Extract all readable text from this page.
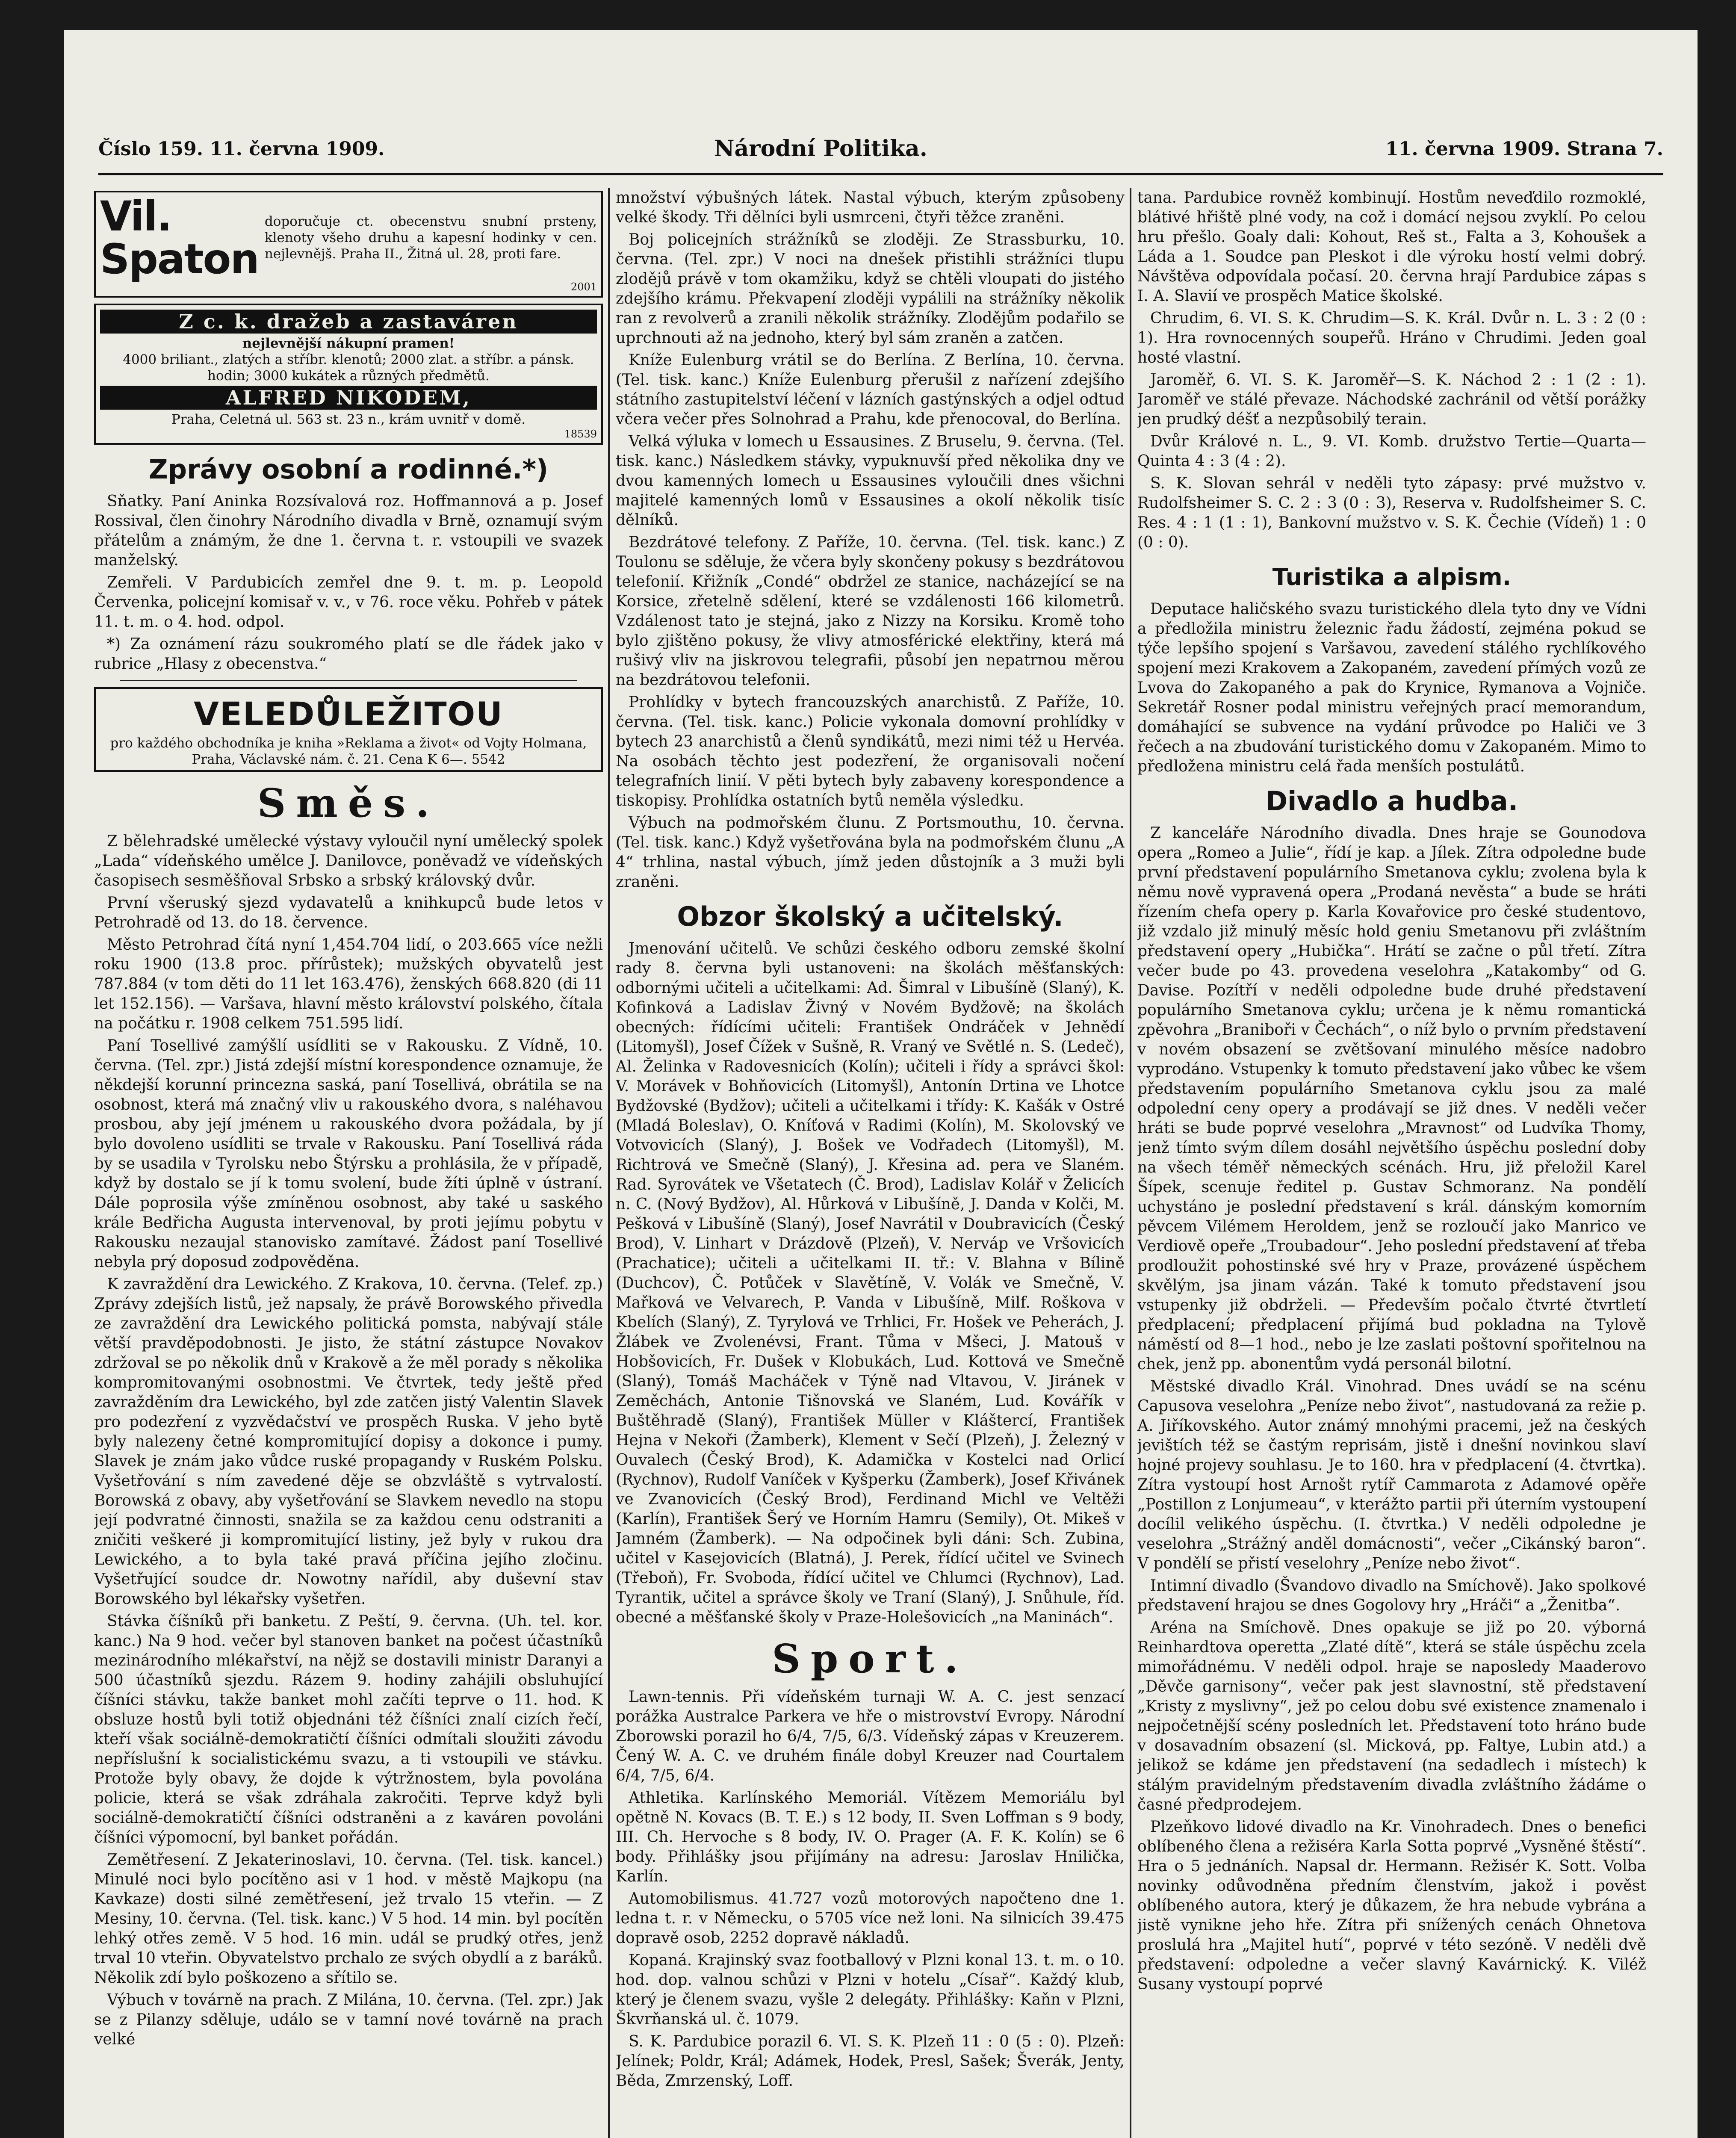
Číslo 159. 11. června 1909.	Národní Politika.	11. června 1909. Strana 7.
Vil. Spaton
doporučuje ct. obecenstvu snubní prsteny, klenoty všeho druhu a kapesní hodinky v cen. nejlevnějš. Praha II., Žitná ul. 28, proti fare.
2001
Z c. k. dražeb a zastaváren
nejlevnější nákupní pramen!
4000 briliant., zlatých a stříbr. klenotů; 2000 zlat. a stříbr. a pánsk. hodin; 3000 kukátek a různých předmětů.
ALFRED NIKODEM,
Praha, Celetná ul. 563 st. 23 n., krám uvnitř v domě.
18539
Zprávy osobní a rodinné.*)

Sňatky. Paní Aninka Rozsívalová roz. Hoffmannová a p. Josef Rossival, člen činohry Národního divadla v Brně, oznamují svým přátelům a známým, že dne 1. června t. r. vstoupili ve svazek manželský.

Zemřeli. V Pardubicích zemřel dne 9. t. m. p. Leopold Červenka, policejní komisař v. v., v 76. roce věku. Pohřeb v pátek 11. t. m. o 4. hod. odpol.

*) Za oznámení rázu soukromého platí se dle řádek jako v rubrice „Hlasy z obecenstva.“

VELEDŮLEŽITOU
pro každého obchodníka je kniha »Reklama a život« od Vojty Holmana, Praha, Václavské nám. č. 21. Cena K 6—. 5542
Směs.

Z bělehradské umělecké výstavy vyloučil nyní umělecký spolek „Lada“ vídeňského umělce J. Danilovce, poněvadž ve vídeňských časopisech sesměšňoval Srbsko a srbský královský dvůr.

První všeruský sjezd vydavatelů a knihkupců bude letos v Petrohradě od 13. do 18. července.

Město Petrohrad čítá nyní 1,454.704 lidí, o 203.665 více nežli roku 1900 (13.8 proc. přírůstek); mužských obyvatelů jest 787.884 (v tom děti do 11 let 163.476), ženských 668.820 (di 11 let 152.156). — Varšava, hlavní město království polského, čítala na počátku r. 1908 celkem 751.595 lidí.

Paní Tosellivé zamýšlí usídliti se v Rakousku. Z Vídně, 10. června. (Tel. zpr.) Jistá zdejší místní korespondence oznamuje, že někdejší korunní princezna saská, paní Tosellivá, obrátila se na osobnost, která má značný vliv u rakouského dvora, s naléhavou prosbou, aby její jménem u rakouského dvora požádala, by jí bylo dovoleno usídliti se trvale v Rakousku. Paní Tosellivá ráda by se usadila v Tyrolsku nebo Štýrsku a prohlásila, že v případě, když by dostalo se jí k tomu svolení, bude žíti úplně v ústraní. Dále poprosila výše zmíněnou osobnost, aby také u saského krále Bedřicha Augusta intervenoval, by proti jejímu pobytu v Rakousku nezaujal stanovisko zamítavé. Žádost paní Tosellivé nebyla prý doposud zodpověděna.

K zavraždění dra Lewického. Z Krakova, 10. června. (Telef. zp.) Zprávy zdejších listů, jež napsaly, že právě Borowského přivedla ze zavraždění dra Lewického politická pomsta, nabývají stále větší pravděpodobnosti. Je jisto, že státní zástupce Novakov zdržoval se po několik dnů v Krakově a že měl porady s několika kompromitovanými osobnostmi. Ve čtvrtek, tedy ještě před zavražděním dra Lewického, byl zde zatčen jistý Valentin Slavek pro podezření z vyzvědačství ve prospěch Ruska. V jeho bytě byly nalezeny četné kompromitující dopisy a dokonce i pumy. Slavek je znám jako vůdce ruské propagandy v Ruském Polsku. Vyšetřování s ním zavedené děje se obzvláště s vytrvalostí. Borowská z obavy, aby vyšetřování se Slavkem nevedlo na stopu její podvratné činnosti, snažila se za každou cenu odstraniti a zničiti veškeré ji kompromitující listiny, jež byly v rukou dra Lewického, a to byla také pravá příčina jejího zločinu. Vyšetřující soudce dr. Nowotny nařídil, aby duševní stav Borowského byl lékařsky vyšetřen.

Stávka číšníků při banketu. Z Peští, 9. června. (Uh. tel. kor. kanc.) Na 9 hod. večer byl stanoven banket na počest účastníků mezinárodního mlékařství, na nějž se dostavili ministr Daranyi a 500 účastníků sjezdu. Rázem 9. hodiny zahájili obsluhující číšníci stávku, takže banket mohl začíti teprve o 11. hod. K obsluze hostů byli totiž objednáni též číšníci znalí cizích řečí, kteří však sociálně-demokratičtí číšníci odmítali sloužiti závodu nepříslušní k socialistickému svazu, a ti vstoupili ve stávku. Protože byly obavy, že dojde k výtržnostem, byla povolána policie, která se však zdráhala zakročiti. Teprve když byli sociálně-demokratičtí číšníci odstraněni a z kaváren povoláni číšníci výpomocní, byl banket pořádán.

Zemětřesení. Z Jekaterinoslavi, 10. června. (Tel. tisk. kancel.) Minulé noci bylo pocítěno asi v 1 hod. v městě Majkopu (na Kavkaze) dosti silné zemětřesení, jež trvalo 15 vteřin. — Z Mesiny, 10. června. (Tel. tisk. kanc.) V 5 hod. 14 min. byl pocítěn lehký otřes země. V 5 hod. 16 min. udál se prudký otřes, jenž trval 10 vteřin. Obyvatelstvo prchalo ze svých obydlí a z baráků. Několik zdí bylo poškozeno a sřítilo se.

Výbuch v továrně na prach. Z Milána, 10. června. (Tel. zpr.) Jak se z Pilanzy sděluje, událo se v tamní nové továrně na prach velké

množství výbušných látek. Nastal výbuch, kterým způsobeny velké škody. Tři dělníci byli usmrceni, čtyři těžce zraněni.

Boj policejních strážníků se zloději. Ze Strassburku, 10. června. (Tel. zpr.) V noci na dnešek přistihli strážníci tlupu zlodějů právě v tom okamžiku, když se chtěli vloupati do jistého zdejšího krámu. Překvapení zloději vypálili na strážníky několik ran z revolverů a zranili několik strážníky. Zlodějům podařilo se uprchnouti až na jednoho, který byl sám zraněn a zatčen.

Kníže Eulenburg vrátil se do Berlína. Z Berlína, 10. června. (Tel. tisk. kanc.) Kníže Eulenburg přerušil z nařízení zdejšího státního zastupitelství léčení v lázních gastýnských a odjel odtud včera večer přes Solnohrad a Prahu, kde přenocoval, do Berlína.

Velká výluka v lomech u Essausines. Z Bruselu, 9. června. (Tel. tisk. kanc.) Následkem stávky, vypuknuvší před několika dny ve dvou kamenných lomech u Essausines vyloučili dnes všichni majitelé kamenných lomů v Essausines a okolí několik tisíc dělníků.

Bezdrátové telefony. Z Paříže, 10. června. (Tel. tisk. kanc.) Z Toulonu se sděluje, že včera byly skončeny pokusy s bezdrátovou telefonií. Křižník „Condé“ obdržel ze stanice, nacházející se na Korsice, zřetelně sdělení, které se vzdálenosti 166 kilometrů. Vzdálenost tato je stejná, jako z Nizzy na Korsiku. Kromě toho bylo zjištěno pokusy, že vlivy atmosférické elektřiny, která má rušivý vliv na jiskrovou telegrafii, působí jen nepatrnou měrou na bezdrátovou telefonii.

Prohlídky v bytech francouzských anarchistů. Z Paříže, 10. června. (Tel. tisk. kanc.) Policie vykonala domovní prohlídky v bytech 23 anarchistů a členů syndikátů, mezi nimi též u Hervéa. Na osobách těchto jest podezření, že organisovali nočení telegrafních linií. V pěti bytech byly zabaveny korespondence a tiskopisy. Prohlídka ostatních bytů neměla výsledku.

Výbuch na podmořském člunu. Z Portsmouthu, 10. června. (Tel. tisk. kanc.) Když vyšetřována byla na podmořském člunu „A 4“ trhlina, nastal výbuch, jímž jeden důstojník a 3 muži byli zraněni.

Obzor školský a učitelský.

Jmenování učitelů. Ve schůzi českého odboru zemské školní rady 8. června byli ustanoveni: na školách měšťanských: odbornými učiteli a učitelkami: Ad. Šimral v Libušíně (Slaný), K. Kofinková a Ladislav Živný v Novém Bydžově; na školách obecných: řídícími učiteli: František Ondráček v Jehnědí (Litomyšl), Josef Čížek v Sušně, R. Vraný ve Světlé n. S. (Ledeč), Al. Želinka v Radovesnicích (Kolín); učiteli i řídy a správci škol: V. Morávek v Bohňovicích (Litomyšl), Antonín Drtina ve Lhotce Bydžovské (Bydžov); učiteli a učitelkami i třídy: K. Kašák v Ostré (Mladá Boleslav), O. Kníťová v Radimi (Kolín), M. Skolovský ve Votvovicích (Slaný), J. Bošek ve Vodřadech (Litomyšl), M. Richtrová ve Smečně (Slaný), J. Křesina ad. pera ve Slaném. Rad. Syrovátek ve Všetatech (Č. Brod), Ladislav Kolář v Želicích n. C. (Nový Bydžov), Al. Hůrková v Libušíně, J. Danda v Kolči, M. Pešková v Libušíně (Slaný), Josef Navrátil v Doubravicích (Český Brod), V. Linhart v Drázdově (Plzeň), V. Nerváp ve Vršovicích (Prachatice); učiteli a učitelkami II. tř.: V. Blahna v Bílině (Duchcov), Č. Potůček v Slavětíně, V. Volák ve Smečně, V. Mařková ve Velvarech, P. Vanda v Libušíně, Milf. Roškova v Kbelích (Slaný), Z. Tyrylová ve Trhlici, Fr. Hošek ve Peherách, J. Žlábek ve Zvolenévsi, Frant. Tůma v Mšeci, J. Matouš v Hobšovicích, Fr. Dušek v Klobukách, Lud. Kottová ve Smečně (Slaný), Tomáš Macháček v Týně nad Vltavou, V. Jiránek v Zeměchách, Antonie Tišnovská ve Slaném, Lud. Kovářík v Buštěhradě (Slaný), František Müller v Kláštercí, František Hejna v Nekoři (Žamberk), Klement v Sečí (Plzeň), J. Železný v Ouvalech (Český Brod), K. Adamička v Kostelci nad Orlicí (Rychnov), Rudolf Vaníček v Kyšperku (Žamberk), Josef Křivánek ve Zvanovicích (Český Brod), Ferdinand Michl ve Veltěži (Karlín), František Šerý ve Horním Hamru (Semily), Ot. Mikeš v Jamném (Žamberk). — Na odpočinek byli dáni: Sch. Zubina, učitel v Kasejovicích (Blatná), J. Perek, řídící učitel ve Svinech (Třeboň), Fr. Svoboda, řídící učitel ve Chlumci (Rychnov), Lad. Tyrantik, učitel a správce školy ve Traní (Slaný), J. Snůhule, říd. obecné a měšťanské školy v Praze-Holešovicích „na Maninách“.

Sport.

Lawn-tennis. Při vídeňském turnaji W. A. C. jest senzací porážka Australce Parkera ve hře o mistrovství Evropy. Národní Zborowski porazil ho 6/4, 7/5, 6/3. Vídeňský zápas v Kreuzerem. Čený W. A. C. ve druhém finále dobyl Kreuzer nad Courtalem 6/4, 7/5, 6/4.

Athletika. Karlínského Memoriál. Vítězem Memoriálu byl opětně N. Kovacs (B. T. E.) s 12 body, II. Sven Loffman s 9 body, III. Ch. Hervoche s 8 body, IV. O. Prager (A. F. K. Kolín) se 6 body. Přihlášky jsou přijímány na adresu: Jaroslav Hnilička, Karlín.

Automobilismus. 41.727 vozů motorových napočteno dne 1. ledna t. r. v Německu, o 5705 více než loni. Na silnicích 39.475 dopravě osob, 2252 dopravě nákladů.

Kopaná. Krajinský svaz footballový v Plzni konal 13. t. m. o 10. hod. dop. valnou schůzi v Plzni v hotelu „Císař“. Každý klub, který je členem svazu, vyšle 2 delegáty. Přihlášky: Kaňn v Plzni, Škvrňanská ul. č. 1079.

S. K. Pardubice porazil 6. VI. S. K. Plzeň 11 : 0 (5 : 0). Plzeň: Jelínek; Poldr, Král; Adámek, Hodek, Presl, Sašek; Šverák, Jenty, Běda, Zmrzenský, Loff.

tana. Pardubice rovněž kombinují. Hostům neveďdilo rozmoklé, blátivé hřiště plné vody, na což i domácí nejsou zvyklí. Po celou hru přešlo. Goaly dali: Kohout, Reš st., Falta a 3, Kohoušek a Láda a 1. Soudce pan Pleskot i dle výroku hostí velmi dobrý. Návštěva odpovídala počasí. 20. června hrají Pardubice zápas s I. A. Slavií ve prospěch Matice školské.

Chrudim, 6. VI. S. K. Chrudim—S. K. Král. Dvůr n. L. 3 : 2 (0 : 1). Hra rovnocenných soupeřů. Hráno v Chrudimi. Jeden goal hosté vlastní.

Jaroměř, 6. VI. S. K. Jaroměř—S. K. Náchod 2 : 1 (2 : 1). Jaroměř ve stálé převaze. Náchodské zachránil od větší porážky jen prudký déšť a nezpůsobilý terain.

Dvůr Králové n. L., 9. VI. Komb. družstvo Tertie—Quarta—Quinta 4 : 3 (4 : 2).

S. K. Slovan sehrál v neděli tyto zápasy: prvé mužstvo v. Rudolfsheimer S. C. 2 : 3 (0 : 3), Reserva v. Rudolfsheimer S. C. Res. 4 : 1 (1 : 1), Bankovní mužstvo v. S. K. Čechie (Vídeň) 1 : 0 (0 : 0).

Turistika a alpism.

Deputace haličského svazu turistického dlela tyto dny ve Vídni a předložila ministru železnic řadu žádostí, zejména pokud se týče lepšího spojení s Varšavou, zavedení stálého rychlíkového spojení mezi Krakovem a Zakopaném, zavedení přímých vozů ze Lvova do Zakopaného a pak do Krynice, Rymanova a Vojniče. Sekretář Rosner podal ministru veřejných prací memorandum, domáhající se subvence na vydání průvodce po Haliči ve 3 řečech a na zbudování turistického domu v Zakopaném. Mimo to předložena ministru celá řada menších postulátů.

Divadlo a hudba.

Z kanceláře Národního divadla. Dnes hraje se Gounodova opera „Romeo a Julie“, řídí je kap. a Jílek. Zítra odpoledne bude první představení populárního Smetanova cyklu; zvolena byla k němu nově vypravená opera „Prodaná nevěsta“ a bude se hráti řízením chefa opery p. Karla Kovařovice pro české studentovo, již vzdalo již minulý měsíc hold geniu Smetanovu při zvláštním představení opery „Hubička“. Hrátí se začne o půl třetí. Zítra večer bude po 43. provedena veselohra „Katakomby“ od G. Davise. Pozítří v neděli odpoledne bude druhé představení populárního Smetanova cyklu; určena je k němu romantická zpěvohra „Braniboři v Čechách“, o níž bylo o prvním představení v novém obsazení se zvětšovaní minulého měsíce nadobro vyprodáno. Vstupenky k tomuto představení jako vůbec ke všem představením populárního Smetanova cyklu jsou za malé odpolední ceny opery a prodávají se již dnes. V neděli večer hráti se bude poprvé veselohra „Mravnost“ od Ludvíka Thomy, jenž tímto svým dílem dosáhl největšího úspěchu poslední doby na všech téměř německých scénách. Hru, již přeložil Karel Šípek, scenuje ředitel p. Gustav Schmoranz. Na pondělí uchystáno je poslední představení s král. dánským komorním pěvcem Vilémem Heroldem, jenž se rozloučí jako Manrico ve Verdiově opeře „Troubadour“. Jeho poslední představení ať třeba prodloužit pohostinské své hry v Praze, provázené úspěchem skvělým, jsa jinam vázán. Také k tomuto představení jsou vstupenky již obdrželi. — Především počalo čtvrté čtvrtletí předplacení; předplacení přijímá bud pokladna na Tylově náměstí od 8—1 hod., nebo je lze zaslati poštovní spořitelnou na chek, jenž pp. abonentům vydá personál bilotní.

Městské divadlo Král. Vinohrad. Dnes uvádí se na scénu Capusova veselohra „Peníze nebo život“, nastudovaná za režie p. A. Jiříkovského. Autor známý mnohými pracemi, jež na českých jevištích též se častým reprisám, jistě i dnešní novinkou slaví hojné projevy souhlasu. Je to 160. hra v předplacení (4. čtvrtka). Zítra vystoupí host Arnošt rytíř Cammarota z Adamové opěře „Postillon z Lonjumeau“, v kterážto partii při úterním vystoupení docílil velikého úspěchu. (I. čtvrtka.) V neděli odpoledne je veselohra „Strážný anděl domácnosti“, večer „Cikánský baron“. V pondělí se přistí veselohry „Peníze nebo život“.

Intimní divadlo (Švandovo divadlo na Smíchově). Jako spolkové představení hrajou se dnes Gogolovy hry „Hráči“ a „Ženitba“.

Aréna na Smíchově. Dnes opakuje se již po 20. výborná Reinhardtova operetta „Zlaté dítě“, která se stále úspěchu zcela mimořádnému. V neděli odpol. hraje se naposledy Maaderovo „Děvče garnisony“, večer pak jest slavnostní, stě představení „Kristy z myslivny“, jež po celou dobu své existence znamenalo i nejpočetnější scény posledních let. Představení toto hráno bude v dosavadním obsazení (sl. Micková, pp. Faltye, Lubin atd.) a jelikož se kdáme jen představení (na sedadlech i místech) k stálým pravidelným představením divadla zvláštního žádáme o časné předprodejem.

Plzeňkovo lidové divadlo na Kr. Vinohradech. Dnes o benefici oblíbeného člena a režiséra Karla Sotta poprvé „Vysněné štěstí“. Hra o 5 jednáních. Napsal dr. Hermann. Režisér K. Sott. Volba novinky odůvodněna předním členstvím, jakož i pověst oblíbeného autora, který je důkazem, že hra nebude vybrána a jistě vynikne jeho hře. Zítra při snížených cenách Ohnetova proslulá hra „Majitel hutí“, poprvé v této sezóně. V neděli dvě představení: odpoledne a večer slavný Kavárnický. K. Viléž Susany vystoupí poprvé
